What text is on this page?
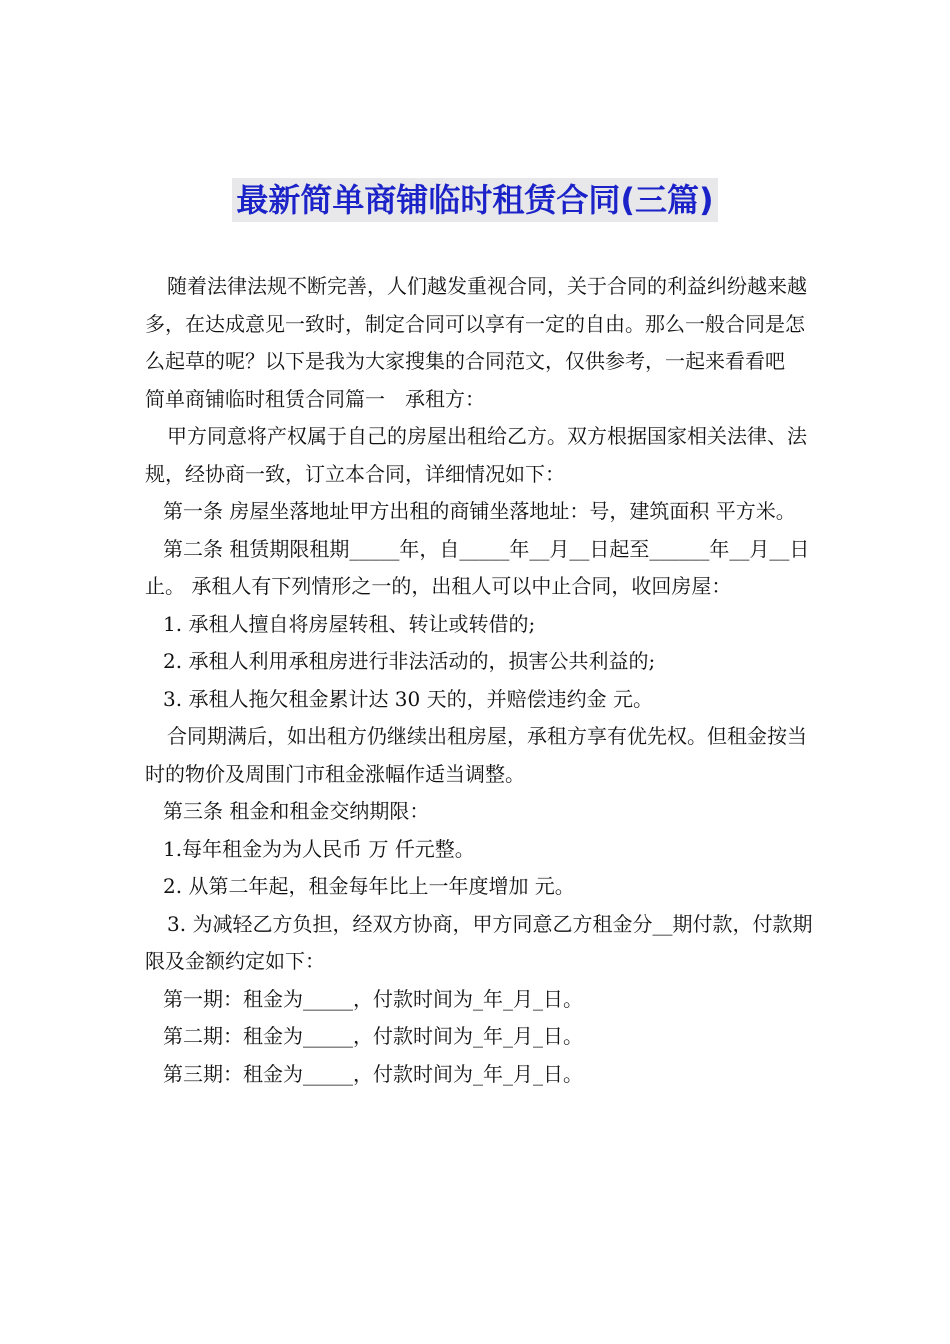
最新简单商铺临时租赁合同(三篇)

随着法律法规不断完善，人们越发重视合同，关于合同的利益纠纷越来越多，在达成意见一致时，制定合同可以享有一定的自由。那么一般合同是怎么起草的呢？以下是我为大家搜集的合同范文，仅供参考，一起来看看吧

简单商铺临时租赁合同篇一　承租方：

甲方同意将产权属于自己的房屋出租给乙方。双方根据国家相关法律、法规，经协商一致，订立本合同，详细情况如下：

第一条 房屋坐落地址甲方出租的商铺坐落地址：号，建筑面积 平方米。

第二条 租赁期限租期_____年，自_____年__月__日起至______年__月__日止。 承租人有下列情形之一的，出租人可以中止合同，收回房屋：

1. 承租人擅自将房屋转租、转让或转借的;

2. 承租人利用承租房进行非法活动的，损害公共利益的;

3. 承租人拖欠租金累计达 30 天的，并赔偿违约金 元。

合同期满后，如出租方仍继续出租房屋，承租方享有优先权。但租金按当时的物价及周围门市租金涨幅作适当调整。

第三条 租金和租金交纳期限：

1.每年租金为为人民币 万 仟元整。

2. 从第二年起，租金每年比上一年度增加 元。

3. 为减轻乙方负担，经双方协商，甲方同意乙方租金分__期付款，付款期限及金额约定如下：

第一期：租金为_____，付款时间为_年_月_日。

第二期：租金为_____，付款时间为_年_月_日。

第三期：租金为_____，付款时间为_年_月_日。
